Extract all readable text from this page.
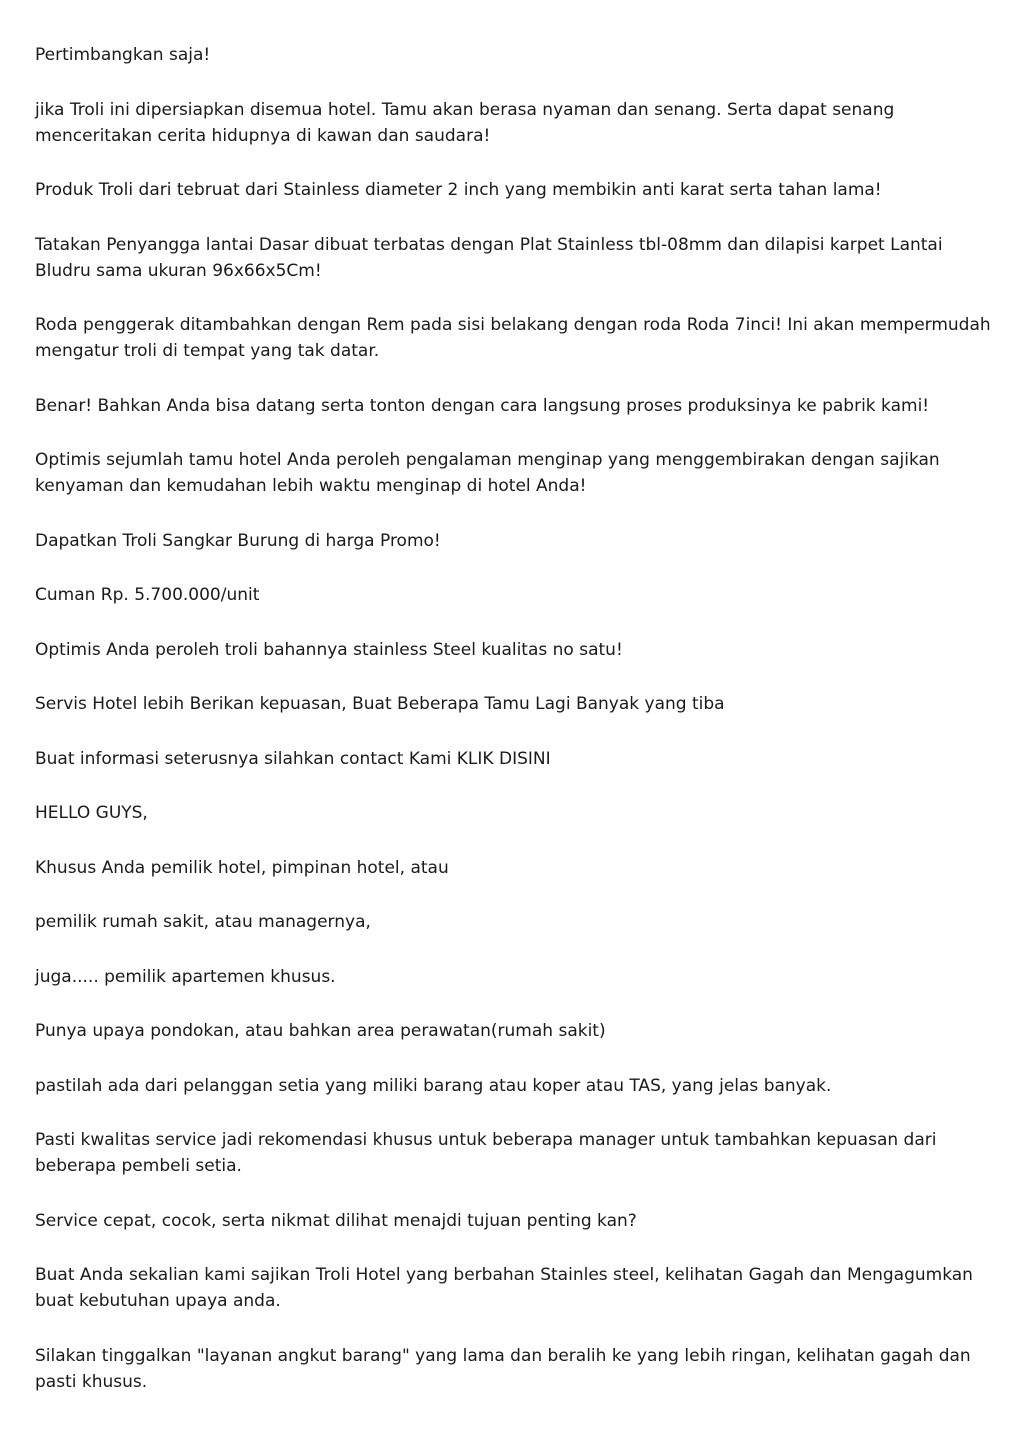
Pertimbangkan saja!

jika Troli ini dipersiapkan disemua hotel. Tamu akan berasa nyaman dan senang. Serta dapat senang menceritakan cerita hidupnya di kawan dan saudara!

Produk Troli dari tebruat dari Stainless diameter 2 inch yang membikin anti karat serta tahan lama!

Tatakan Penyangga lantai Dasar dibuat terbatas dengan Plat Stainless tbl-08mm dan dilapisi karpet Lantai Bludru sama ukuran 96x66x5Cm!

Roda penggerak ditambahkan dengan Rem pada sisi belakang dengan roda Roda 7inci! Ini akan mempermudah mengatur troli di tempat yang tak datar.

Benar! Bahkan Anda bisa datang serta tonton dengan cara langsung proses produksinya ke pabrik kami!

Optimis sejumlah tamu hotel Anda peroleh pengalaman menginap yang menggembirakan dengan sajikan kenyaman dan kemudahan lebih waktu menginap di hotel Anda!

Dapatkan Troli Sangkar Burung di harga Promo!

Cuman Rp. 5.700.000/unit

Optimis Anda peroleh troli bahannya stainless Steel kualitas no satu!

Servis Hotel lebih Berikan kepuasan, Buat Beberapa Tamu Lagi Banyak yang tiba

Buat informasi seterusnya silahkan contact Kami KLIK DISINI

HELLO GUYS,

Khusus Anda pemilik hotel, pimpinan hotel, atau

pemilik rumah sakit, atau managernya,

juga..... pemilik apartemen khusus.

Punya upaya pondokan, atau bahkan area perawatan(rumah sakit)

pastilah ada dari pelanggan setia yang miliki barang atau koper atau TAS, yang jelas banyak.

Pasti kwalitas service jadi rekomendasi khusus untuk beberapa manager untuk tambahkan kepuasan dari beberapa pembeli setia.

Service cepat, cocok, serta nikmat dilihat menajdi tujuan penting kan?

Buat Anda sekalian kami sajikan Troli Hotel yang berbahan Stainles steel, kelihatan Gagah dan Mengagumkan buat kebutuhan upaya anda.

Silakan tinggalkan "layanan angkut barang" yang lama dan beralih ke yang lebih ringan, kelihatan gagah dan pasti khusus.
